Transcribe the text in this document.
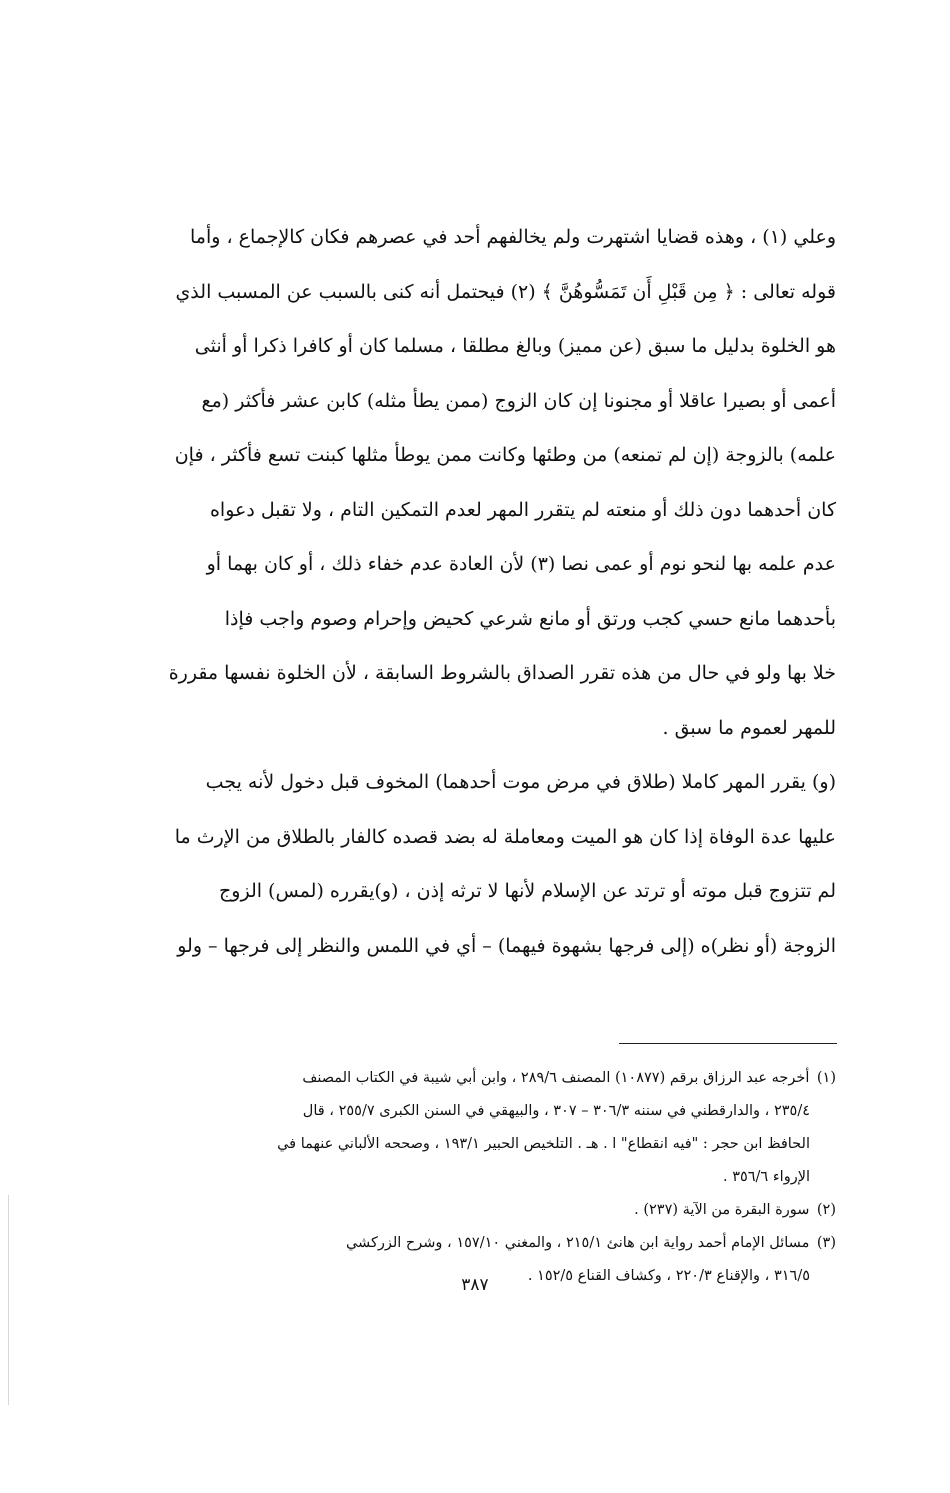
وعلي (١) ، وهذه قضايا اشتهرت ولم يخالفهم أحد في عصرهم فكان كالإجماع ، وأما
قوله تعالى : ﴿ مِن قَبْلِ أَن تَمَسُّوهُنَّ ﴾ (٢) فيحتمل أنه كنى بالسبب عن المسبب الذي
هو الخلوة بدليل ما سبق (عن مميز) وبالغ مطلقا ، مسلما كان أو كافرا ذكرا أو أنثى
أعمى أو بصيرا عاقلا أو مجنونا إن كان الزوج (ممن يطأ مثله) كابن عشر فأكثر (مع
علمه) بالزوجة (إن لم تمنعه) من وطئها وكانت ممن يوطأ مثلها كبنت تسع فأكثر ، فإن
كان أحدهما دون ذلك أو منعته لم يتقرر المهر لعدم التمكين التام ، ولا تقبل دعواه
عدم علمه بها لنحو نوم أو عمى نصا (٣) لأن العادة عدم خفاء ذلك ، أو كان بهما أو
بأحدهما مانع حسي كجب ورتق أو مانع شرعي كحيض وإحرام وصوم واجب فإذا
خلا بها ولو في حال من هذه تقرر الصداق بالشروط السابقة ، لأن الخلوة نفسها مقررة
للمهر لعموم ما سبق .

(و) يقرر المهر كاملا (طلاق في مرض موت أحدهما) المخوف قبل دخول لأنه يجب
عليها عدة الوفاة إذا كان هو الميت ومعاملة له بضد قصده كالفار بالطلاق من الإرث ما
لم تتزوج قبل موته أو ترتد عن الإسلام لأنها لا ترثه إذن ، (و)يقرره (لمس) الزوج
الزوجة (أو نظر)ه (إلى فرجها بشهوة فيهما) – أي في اللمس والنظر إلى فرجها – ولو

(١) أخرجه عبد الرزاق برقم (١٠٨٧٧) المصنف ٢٨٩/٦ ، وابن أبي شيبة في الكتاب المصنف
٢٣٥/٤ ، والدارقطني في سننه ٣٠٦/٣ – ٣٠٧ ، والبيهقي في السنن الكبرى ٢٥٥/٧ ، قال
الحافظ ابن حجر : "فيه انقطاع" ا . هـ . التلخيص الحبير ١٩٣/١ ، وصححه الألباني عنهما في
الإرواء ٣٥٦/٦ .
(٢) سورة البقرة من الآية (٢٣٧) .
(٣) مسائل الإمام أحمد رواية ابن هانئ ٢١٥/١ ، والمغني ١٥٧/١٠ ، وشرح الزركشي
٣١٦/٥ ، والإقناع ٢٢٠/٣ ، وكشاف القناع ١٥٢/٥ .
٣٨٧
